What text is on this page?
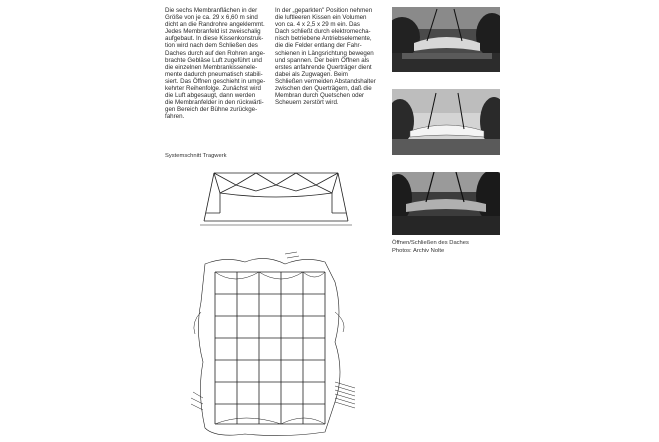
Die sechs Membranflächen in der
Größe von je ca. 29 x 6,60 m sind
dicht an die Randrohre angeklemmt.
Jedes Membranfeld ist zweischalig
aufgebaut. In diese Kissenkonstruk-
tion wird nach dem Schließen des
Daches durch auf den Rohren ange-
brachte Gebläse Luft zugeführt und
die einzelnen Membrankissenele-
mente dadurch pneumatisch stabili-
siert. Das Öffnen geschieht in umge-
kehrter Reihenfolge. Zunächst wird
die Luft abgesaugt, dann werden
die Membranfelder in den rückwärti-
gen Bereich der Bühne zurückge-
fahren.
In der „geparkten" Position nehmen
die luftleeren Kissen ein Volumen
von ca. 4 x 2,5 x 29 m ein. Das
Dach schließt durch elektromecha-
nisch betriebene Antriebselemente,
die die Felder entlang der Fahr-
schienen in Längsrichtung bewegen
und spannen. Der beim Öffnen als
erstes anfahrende Querträger dient
dabei als Zugwagen. Beim
Schließen vermeiden Abstandshalter
zwischen den Querträgern, daß die
Membran durch Quetschen oder
Scheuern zerstört wird.
Systemschnitt Tragwerk
Öffnen/Schließen des Daches
Photos: Archiv Nolte
